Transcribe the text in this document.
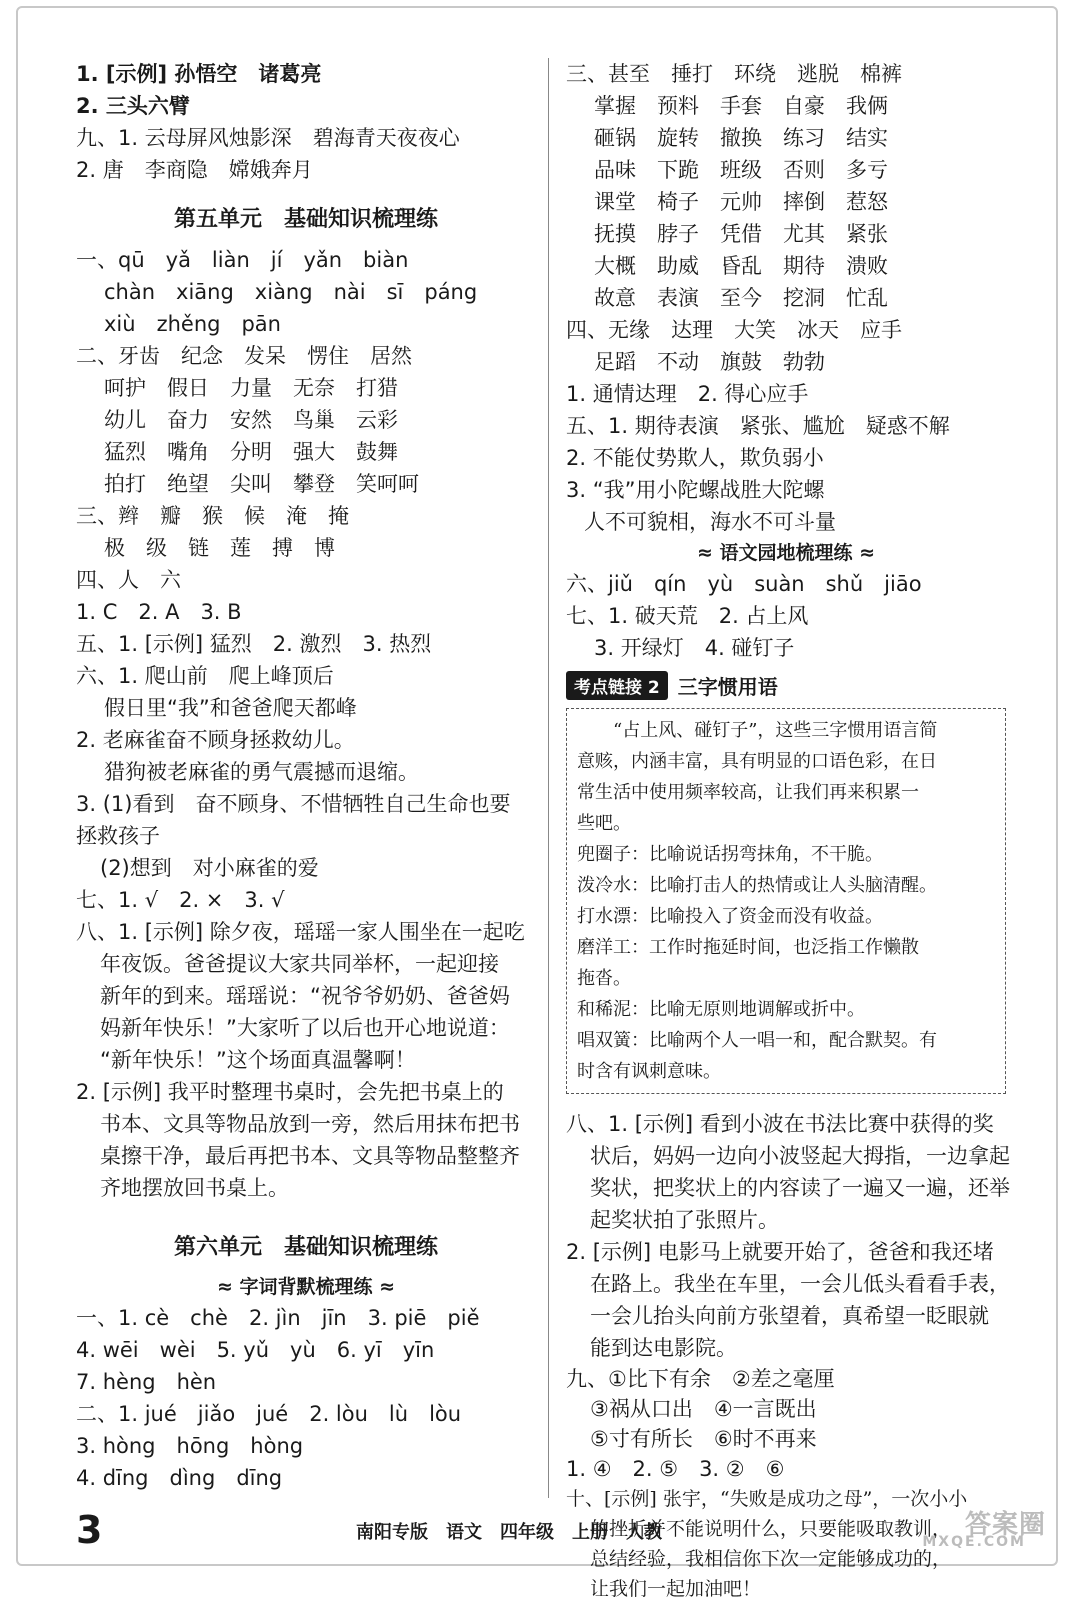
1. [示例] 孙悟空　诸葛亮
2. 三头六臂
九、1. 云母屏风烛影深　碧海青天夜夜心
2. 唐　李商隐　嫦娥奔月
第五单元　基础知识梳理练
一、qū　yǎ　liàn　jí　yǎn　biàn
chàn　xiāng　xiàng　nài　sī　páng
xiù　zhěng　pān
二、牙齿　纪念　发呆　愣住　居然
呵护　假日　力量　无奈　打猎
幼儿　奋力　安然　鸟巢　云彩
猛烈　嘴角　分明　强大　鼓舞
拍打　绝望　尖叫　攀登　笑呵呵
三、辫　瓣　猴　候　淹　掩
极　级　链　莲　搏　博
四、人　六
1. C　2. A　3. B
五、1. [示例] 猛烈　2. 激烈　3. 热烈
六、1. 爬山前　爬上峰顶后
假日里“我”和爸爸爬天都峰
2. 老麻雀奋不顾身拯救幼儿。
猎狗被老麻雀的勇气震撼而退缩。
3. (1)看到　奋不顾身、不惜牺牲自己生命也要
拯救孩子
(2)想到　对小麻雀的爱
七、1. √　2. ×　3. √
八、1. [示例] 除夕夜，瑶瑶一家人围坐在一起吃
年夜饭。爸爸提议大家共同举杯，一起迎接
新年的到来。瑶瑶说：“祝爷爷奶奶、爸爸妈
妈新年快乐！”大家听了以后也开心地说道：
“新年快乐！”这个场面真温馨啊！
2. [示例] 我平时整理书桌时，会先把书桌上的
书本、文具等物品放到一旁，然后用抹布把书
桌擦干净，最后再把书本、文具等物品整整齐
齐地摆放回书桌上。
第六单元　基础知识梳理练
≈ 字词背默梳理练 ≈
一、1. cè　chè　2. jìn　jīn　3. piē　piě
4. wēi　wèi　5. yǔ　yù　6. yī　yīn
7. hèng　hèn
二、1. jué　jiǎo　jué　2. lòu　lù　lòu
3. hòng　hōng　hòng
4. dīng　dìng　dīng
三、甚至　捶打　环绕　逃脱　棉裤
掌握　预料　手套　自豪　我俩
砸锅　旋转　撤换　练习　结实
品味　下跪　班级　否则　多亏
课堂　椅子　元帅　摔倒　惹怒
抚摸　脖子　凭借　尤其　紧张
大概　助威　昏乱　期待　溃败
故意　表演　至今　挖洞　忙乱
四、无缘　达理　大笑　冰天　应手
足蹈　不动　旗鼓　勃勃
1. 通情达理　2. 得心应手
五、1. 期待表演　紧张、尴尬　疑惑不解
2. 不能仗势欺人，欺负弱小
3. “我”用小陀螺战胜大陀螺
人不可貌相，海水不可斗量
≈ 语文园地梳理练 ≈
六、jiǔ　qín　yù　suàn　shǔ　jiāo
七、1. 破天荒　2. 占上风
3. 开绿灯　4. 碰钉子
考点链接 2 三字惯用语
　　“占上风、碰钉子”，这些三字惯用语言简
意赅，内涵丰富，具有明显的口语色彩，在日
常生活中使用频率较高，让我们再来积累一
些吧。
兜圈子：比喻说话拐弯抹角，不干脆。
泼冷水：比喻打击人的热情或让人头脑清醒。
打水漂：比喻投入了资金而没有收益。
磨洋工：工作时拖延时间，也泛指工作懒散
拖沓。
和稀泥：比喻无原则地调解或折中。
唱双簧：比喻两个人一唱一和，配合默契。有
时含有讽刺意味。
八、1. [示例] 看到小波在书法比赛中获得的奖
状后，妈妈一边向小波竖起大拇指，一边拿起
奖状，把奖状上的内容读了一遍又一遍，还举
起奖状拍了张照片。
2. [示例] 电影马上就要开始了，爸爸和我还堵
在路上。我坐在车里，一会儿低头看看手表，
一会儿抬头向前方张望着，真希望一眨眼就
能到达电影院。
九、①比下有余　②差之毫厘
③祸从口出　④一言既出
⑤寸有所长　⑥时不再来
1. ④　2. ⑤　3. ②　⑥
十、[示例] 张宇，“失败是成功之母”，一次小小
的挫折并不能说明什么，只要能吸取教训，
总结经验，我相信你下次一定能够成功的，
让我们一起加油吧！
3	南阳专版　语文　四年级　上册　人教	答案圈
MXQE.COM
